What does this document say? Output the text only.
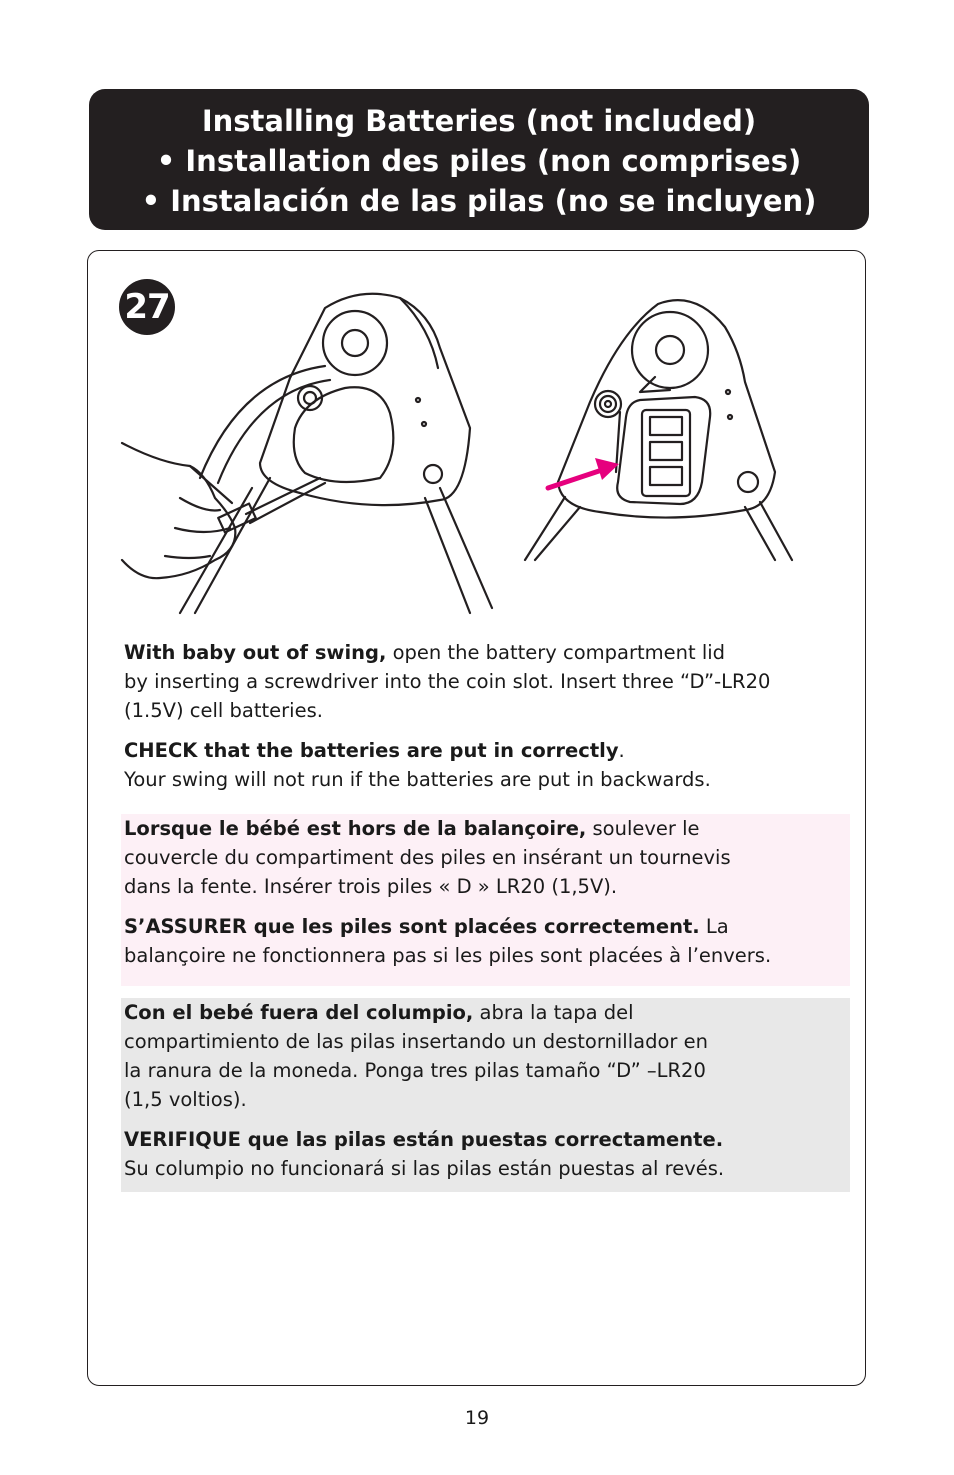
Installing Batteries (not included)
• Installation des piles (non comprises)
• Instalación de las pilas (no se incluyen)
27

With baby out of swing, open the battery compartment lid
by inserting a screwdriver into the coin slot. Insert three “D”-LR20
(1.5V) cell batteries.

CHECK that the batteries are put in correctly.
Your swing will not run if the batteries are put in backwards.

Lorsque le bébé est hors de la balançoire, soulever le
couvercle du compartiment des piles en insérant un tournevis
dans la fente. Insérer trois piles « D » LR20 (1,5V).

S’ASSURER que les piles sont placées correctement. La
balançoire ne fonctionnera pas si les piles sont placées à l’envers.

Con el bebé fuera del columpio, abra la tapa del
compartimiento de las pilas insertando un destornillador en
la ranura de la moneda. Ponga tres pilas tamaño “D” –LR20
(1,5 voltios).

VERIFIQUE que las pilas están puestas correctamente.
Su columpio no funcionará si las pilas están puestas al revés.

19
